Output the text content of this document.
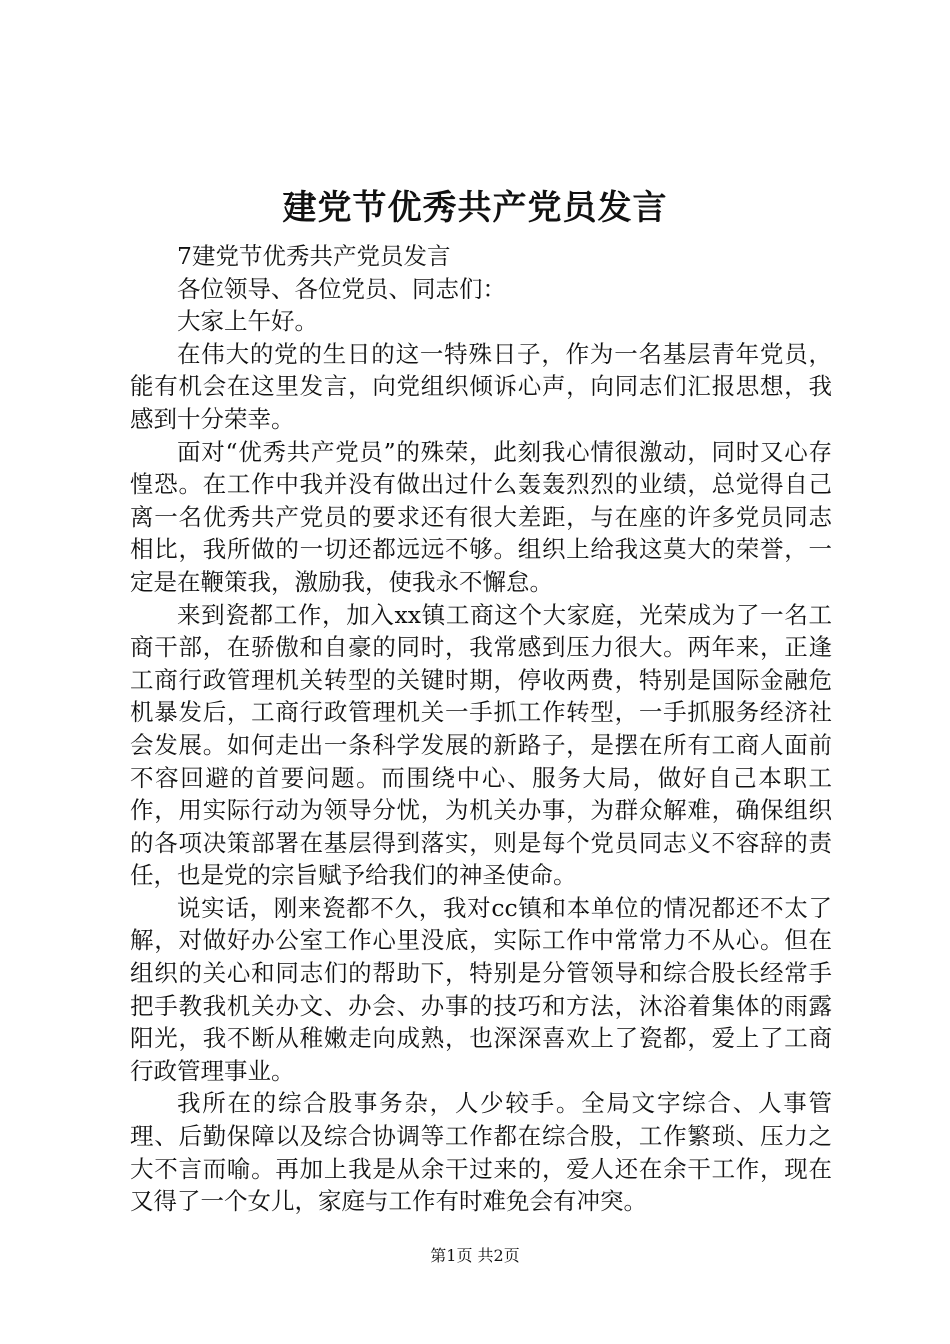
建党节优秀共产党员发言

7建党节优秀共产党员发言

各位领导、各位党员、同志们：

大家上午好。

在伟大的党的生日的这一特殊日子，作为一名基层青年党员，能有机会在这里发言，向党组织倾诉心声，向同志们汇报思想，我感到十分荣幸。

面对“优秀共产党员”的殊荣，此刻我心情很激动，同时又心存惶恐。在工作中我并没有做出过什么轰轰烈烈的业绩，总觉得自己离一名优秀共产党员的要求还有很大差距，与在座的许多党员同志相比，我所做的一切还都远远不够。组织上给我这莫大的荣誉，一定是在鞭策我，激励我，使我永不懈怠。

来到瓷都工作，加入xx镇工商这个大家庭，光荣成为了一名工商干部，在骄傲和自豪的同时，我常感到压力很大。两年来，正逢工商行政管理机关转型的关键时期，停收两费，特别是国际金融危机暴发后，工商行政管理机关一手抓工作转型，一手抓服务经济社会发展。如何走出一条科学发展的新路子，是摆在所有工商人面前不容回避的首要问题。而围绕中心、服务大局，做好自己本职工作，用实际行动为领导分忧，为机关办事，为群众解难，确保组织的各项决策部署在基层得到落实，则是每个党员同志义不容辞的责任，也是党的宗旨赋予给我们的神圣使命。

说实话，刚来瓷都不久，我对cc镇和本单位的情况都还不太了解，对做好办公室工作心里没底，实际工作中常常力不从心。但在组织的关心和同志们的帮助下，特别是分管领导和综合股长经常手把手教我机关办文、办会、办事的技巧和方法，沐浴着集体的雨露阳光，我不断从稚嫩走向成熟，也深深喜欢上了瓷都，爱上了工商行政管理事业。

我所在的综合股事务杂，人少较手。全局文字综合、人事管理、后勤保障以及综合协调等工作都在综合股，工作繁琐、压力之大不言而喻。再加上我是从余干过来的，爱人还在余干工作，现在又得了一个女儿，家庭与工作有时难免会有冲突。

第1页 共2页
